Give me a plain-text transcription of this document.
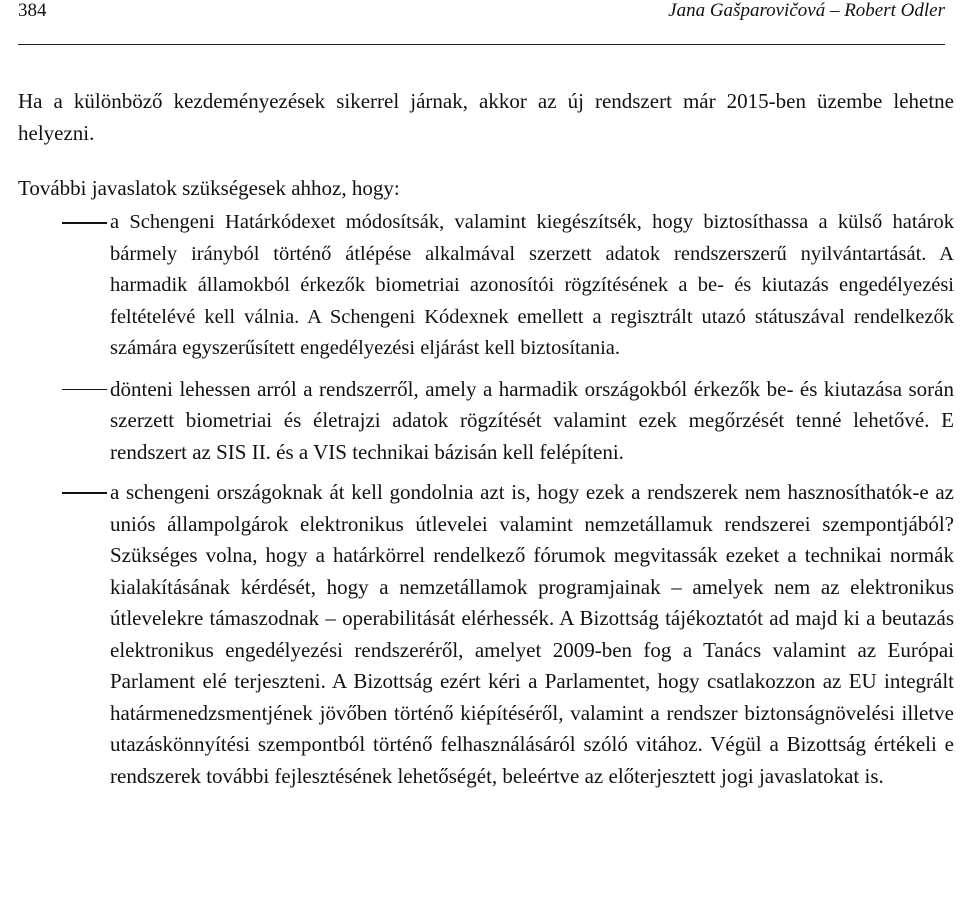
384	Jana Gašparovičová – Robert Odler

Ha a különböző kezdeményezések sikerrel járnak, akkor az új rendszert már 2015-ben üzembe lehetne helyezni.

További javaslatok szükségesek ahhoz, hogy:

a Schengeni Határkódexet módosítsák, valamint kiegészítsék, hogy biztosíthassa a külső határok bármely irányból történő átlépése alkalmával szerzett adatok rendszerszerű nyilvántartását. A harmadik államokból érkezők biometriai azonosítói rögzítésének a be- és kiutazás engedélyezési feltételévé kell válnia. A Schengeni Kódexnek emellett a regisztrált utazó státuszával rendelkezők számára egyszerűsített engedélyezési eljárást kell biztosítania.
dönteni lehessen arról a rendszerről, amely a harmadik országokból érkezők be- és kiutazása során szerzett biometriai és életrajzi adatok rögzítését valamint ezek megőrzését tenné lehetővé. E rendszert az SIS II. és a VIS technikai bázisán kell felépíteni.
a schengeni országoknak át kell gondolnia azt is, hogy ezek a rendszerek nem hasznosíthatók-e az uniós állampolgárok elektronikus útlevelei valamint nemzetállamuk rendszerei szempontjából? Szükséges volna, hogy a határkörrel rendelkező fórumok megvitassák ezeket a technikai normák kialakításának kérdését, hogy a nemzetállamok programjainak – amelyek nem az elektronikus útlevelekre támaszodnak – operabilitását elérhessék. A Bizottság tájékoztatót ad majd ki a beutazás elektronikus engedélyezési rendszeréről, amelyet 2009-ben fog a Tanács valamint az Európai Parlament elé terjeszteni. A Bizottság ezért kéri a Parlamentet, hogy csatlakozzon az EU integrált határmenedzsmentjének jövőben történő kiépítéséről, valamint a rendszer biztonságnövelési illetve utazáskönnyítési szempontból történő felhasználásáról szóló vitához. Végül a Bizottság értékeli e rendszerek további fejlesztésének lehetőségét, beleértve az előterjesztett jogi javaslatokat is.
